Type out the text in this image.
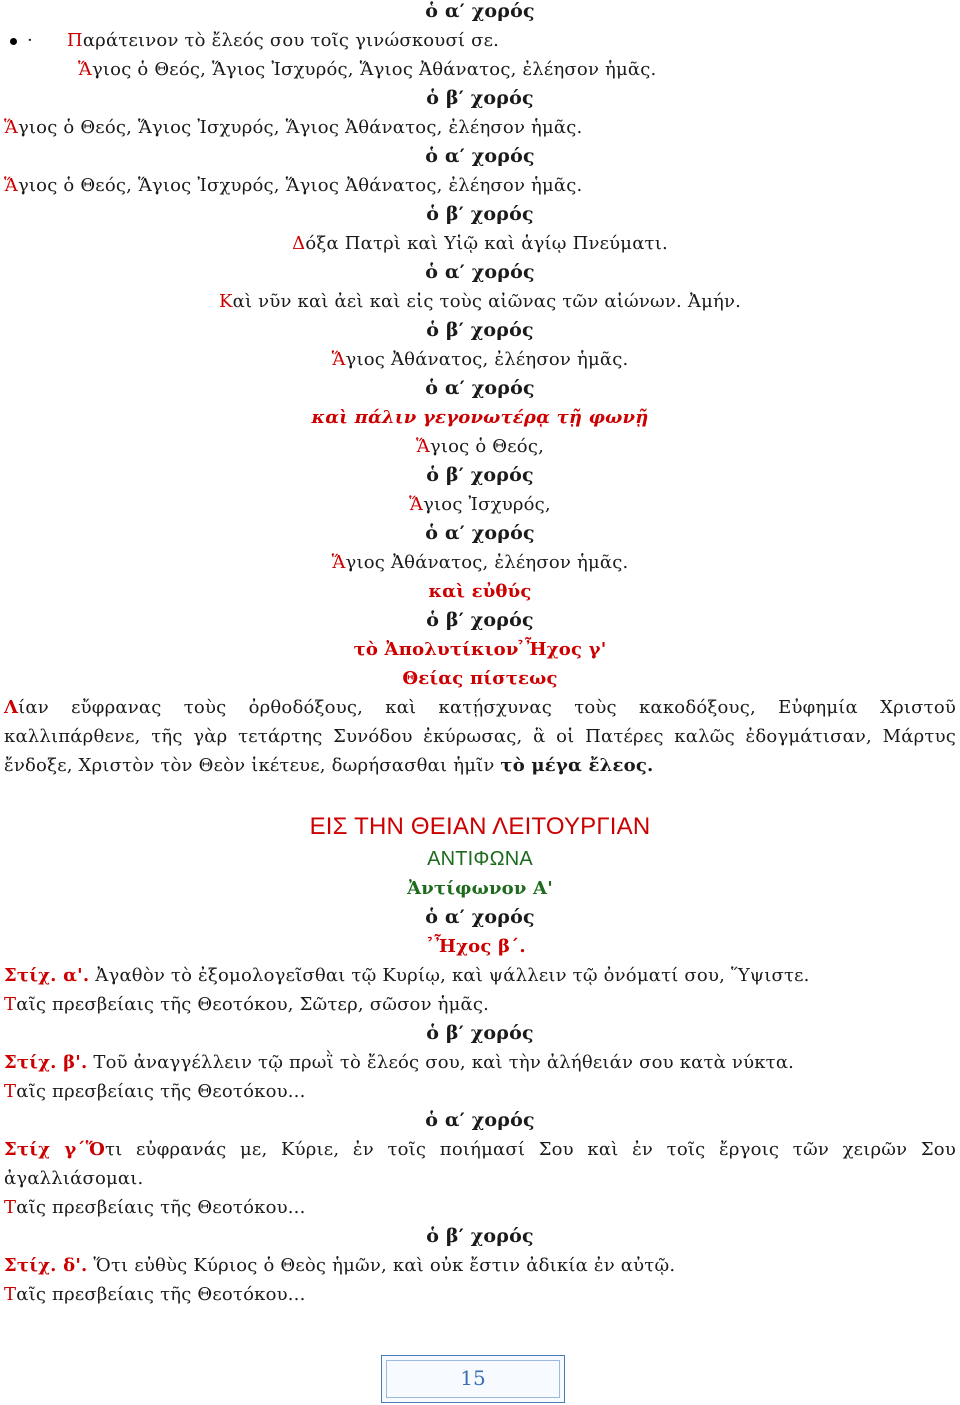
ὁ α′ χορός
· Παράτεινον τὸ ἔλεός σου τοῖς γινώσκουσί σε.
Ἅγιος ὁ Θεός, Ἅγιος Ἰσχυρός, Ἅγιος Ἀθάνατος, ἐλέησον ἡμᾶς.
ὁ β′ χορός
Ἅγιος ὁ Θεός, Ἅγιος Ἰσχυρός, Ἅγιος Ἀθάνατος, ἐλέησον ἡμᾶς.
ὁ α′ χορός
Ἅγιος ὁ Θεός, Ἅγιος Ἰσχυρός, Ἅγιος Ἀθάνατος, ἐλέησον ἡμᾶς.
ὁ β′ χορός
Δόξα Πατρὶ καὶ Υἱῷ καὶ ἁγίῳ Πνεύματι.
ὁ α′ χορός
Καὶ νῦν καὶ ἀεὶ καὶ εἰς τοὺς αἰῶνας τῶν αἰώνων. Ἀμήν.
ὁ β′ χορός
Ἅγιος Ἀθάνατος, ἐλέησον ἡμᾶς.
ὁ α′ χορός
καὶ πάλιν γεγονωτέρᾳ τῇ φωνῇ
Ἅγιος ὁ Θεός,
ὁ β′ χορός
Ἅγιος Ἰσχυρός,
ὁ α′ χορός
Ἅγιος Ἀθάνατος, ἐλέησον ἡμᾶς.
καὶ εὐθύς
ὁ β′ χορός
τὸ Ἀπολυτίκιον ̉Ἦχος γ'
Θείας πίστεως
Λίαν εὔφρανας τοὺς ὀρθοδόξους, καὶ κατῄσχυνας τοὺς κακοδόξους, Εὐφημία Χριστοῦ
καλλιπάρθενε, τῆς γὰρ τετάρτης Συνόδου ἐκύρωσας, ἃ οἱ Πατέρες καλῶς ἐδογμάτισαν, Μάρτυς
ἔνδοξε, Χριστὸν τὸν Θεὸν ἱκέτευε, δωρήσασθαι ἡμῖν τὸ μέγα ἔλεος.
ΕΙΣ ΤΗΝ ΘΕΙΑΝ ΛΕΙΤΟΥΡΓΙΑΝ
ΑΝΤΙΦΩΝΑ
Ἀντίφωνον Α'
ὁ α′ χορός
̉Ἦχος β΄.
Στίχ. α'. Ἀγαθὸν τὸ ἐξομολογεῖσθαι τῷ Κυρίῳ, καὶ ψάλλειν τῷ ὀνόματί σου, Ὕψιστε.
Ταῖς πρεσβείαις τῆς Θεοτόκου, Σῶτερ, σῶσον ἡμᾶς.
ὁ β′ χορός
Στίχ. β'. Τοῦ ἀναγγέλλειν τῷ πρωῒ τὸ ἔλεός σου, καὶ τὴν ἀλήθειάν σου κατὰ νύκτα.
Ταῖς πρεσβείαις τῆς Θεοτόκου...
ὁ α′ χορός
Στίχ γ΄Ὅτι εὐφρανάς με, Κύριε, ἐν τοῖς ποιήμασί Σου καὶ ἐν τοῖς ἔργοις τῶν χειρῶν Σου
ἀγαλλιάσομαι.
Ταῖς πρεσβείαις τῆς Θεοτόκου...
ὁ β′ χορός
Στίχ. δ'. Ὅτι εὐθὺς Κύριος ὁ Θεὸς ἡμῶν, καὶ οὐκ ἔστιν ἀδικία ἐν αὐτῷ.
Ταῖς πρεσβείαις τῆς Θεοτόκου...
15
